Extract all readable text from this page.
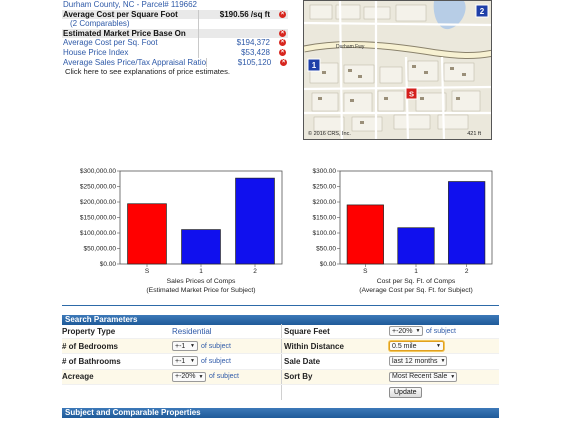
Durham County, NC - Parcel# 119662
Average Cost per Square Foot	$190.56 /sq ft	×
(2 Comparables)
Estimated Market Price Base On	×
Average Cost per Sq. Foot	$194,372	×
House Price Index	$53,428	×
Average Sales Price/Tax Appraisal Ratio	$105,120	×
Click here to see explanations of price estimates.
Durham Fwy
1
2
S
© 2016 CRS, Inc.	421 ft
$0.00
$50,000.00
$100,000.00
$150,000.00
$200,000.00
$250,000.00
$300,000.00
S	1	2
Sales Prices of Comps
(Estimated Market Price for Subject)
$0.00
$50.00
$100.00
$150.00
$200.00
$250.00
$300.00
S	1	2
Cost per Sq. Ft. of Comps
(Average Cost per Sq. Ft. for Subject)
Search Parameters
Property Type	Residential	Square Feet	+-20% ▼ of subject
# of Bedrooms	+-1 ▼ of subject	Within Distance	0.5 mile	▼
# of Bathrooms	+-1 ▼ of subject	Sale Date	last 12 months ▼
Acreage	+-20% ▼ of subject	Sort By	Most Recent Sale ▼
Update
Subject and Comparable Properties
